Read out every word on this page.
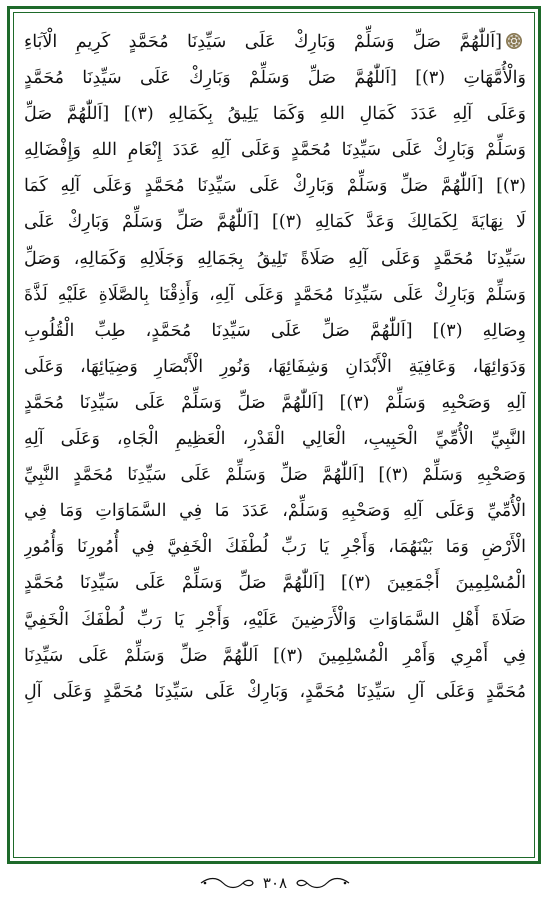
[اَللّٰهُمَّ صَلِّ وَسَلِّمْ وَبَارِكْ عَلَى سَيِّدِنَا مُحَمَّدٍ كَرِيمِ الْآبَاءِ
وَالْأُمَّهَاتِ (٣)] [اَللّٰهُمَّ صَلِّ وَسَلِّمْ وَبَارِكْ عَلَى سَيِّدِنَا مُحَمَّدٍ
وَعَلَى آلِهِ عَدَدَ كَمَالِ اللهِ وَكَمَا يَلِيقُ بِكَمَالِهِ (٣)] [اَللّٰهُمَّ صَلِّ
وَسَلِّمْ وَبَارِكْ عَلَى سَيِّدِنَا مُحَمَّدٍ وَعَلَى آلِهِ عَدَدَ إِنْعَامِ اللهِ وَإِفْضَالِهِ
(٣)] [اَللّٰهُمَّ صَلِّ وَسَلِّمْ وَبَارِكْ عَلَى سَيِّدِنَا مُحَمَّدٍ وَعَلَى آلِهِ كَمَا
لَا نِهَايَةَ لِكَمَالِكَ وَعَدَّ كَمَالِهِ (٣)] [اَللّٰهُمَّ صَلِّ وَسَلِّمْ وَبَارِكْ عَلَى
سَيِّدِنَا مُحَمَّدٍ وَعَلَى آلِهِ صَلَاةً تَلِيقُ بِجَمَالِهِ وَجَلَالِهِ وَكَمَالِهِ، وَصَلِّ
وَسَلِّمْ وَبَارِكْ عَلَى سَيِّدِنَا مُحَمَّدٍ وَعَلَى آلِهِ، وَأَذِقْنَا بِالصَّلَاةِ عَلَيْهِ لَذَّةَ
وِصَالِهِ (٣)] [اَللّٰهُمَّ صَلِّ عَلَى سَيِّدِنَا مُحَمَّدٍ، طِبِّ الْقُلُوبِ
وَدَوَائِهَا، وَعَافِيَةِ الْأَبْدَانِ وَشِفَائِهَا، وَنُورِ الْأَبْصَارِ وَضِيَائِهَا، وَعَلَى
آلِهِ وَصَحْبِهِ وَسَلِّمْ (٣)] [اَللّٰهُمَّ صَلِّ وَسَلِّمْ عَلَى سَيِّدِنَا مُحَمَّدٍ
النَّبِيِّ الْأُمِّيِّ الْحَبِيبِ، الْعَالِي الْقَدْرِ، الْعَظِيمِ الْجَاهِ، وَعَلَى آلِهِ
وَصَحْبِهِ وَسَلِّمْ (٣)] [اَللّٰهُمَّ صَلِّ وَسَلِّمْ عَلَى سَيِّدِنَا مُحَمَّدٍ النَّبِيِّ
الْأُمِّيِّ وَعَلَى آلِهِ وَصَحْبِهِ وَسَلِّمْ، عَدَدَ مَا فِي السَّمَاوَاتِ وَمَا فِي
الْأَرْضِ وَمَا بَيْنَهُمَا، وَأَجْرِ يَا رَبِّ لُطْفَكَ الْخَفِيَّ فِي أُمُورِنَا وَأُمُورِ
الْمُسْلِمِينَ أَجْمَعِينَ (٣)] [اَللّٰهُمَّ صَلِّ وَسَلِّمْ عَلَى سَيِّدِنَا مُحَمَّدٍ
صَلَاةَ أَهْلِ السَّمَاوَاتِ وَالْأَرَضِينَ عَلَيْهِ، وَأَجْرِ يَا رَبِّ لُطْفَكَ الْخَفِيَّ
فِي أَمْرِي وَأَمْرِ الْمُسْلِمِينَ (٣)] اَللّٰهُمَّ صَلِّ وَسَلِّمْ عَلَى سَيِّدِنَا
مُحَمَّدٍ وَعَلَى آلِ سَيِّدِنَا مُحَمَّدٍ، وَبَارِكْ عَلَى سَيِّدِنَا مُحَمَّدٍ وَعَلَى آلِ
٣٠٨
